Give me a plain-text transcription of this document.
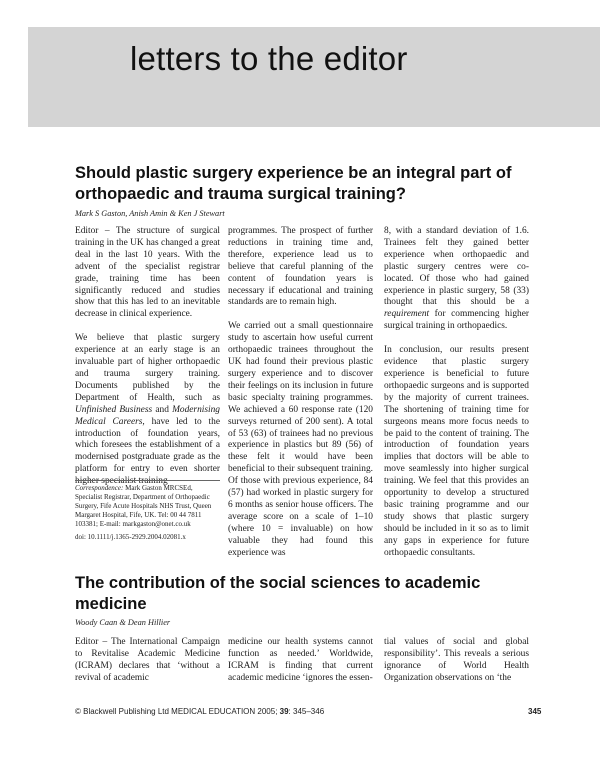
letters to the editor
Should plastic surgery experience be an integral part of
orthopaedic and trauma surgical training?
Mark S Gaston, Anish Amin & Ken J Stewart
Editor – The structure of surgical training in the UK has changed a great deal in the last 10 years. With the advent of the specialist registrar grade, training time has been significantly reduced and studies show that this has led to an inevitable decrease in clinical experience.
We believe that plastic surgery experience at an early stage is an invaluable part of higher orthopaedic and trauma surgery training. Documents published by the Department of Health, such as Unfinished Business and Modernising Medical Careers, have led to the introduction of foundation years, which foresees the establishment of a modernised postgraduate grade as the platform for entry to even shorter higher specialist training
Correspondence: Mark Gaston MRCSEd, Specialist Registrar, Department of Orthopaedic Surgery, Fife Acute Hospitals NHS Trust, Queen Margaret Hospital, Fife, UK. Tel: 00 44 7811 103381; E-mail: markgaston@onet.co.uk
doi: 10.1111/j.1365-2929.2004.02081.x
programmes. The prospect of further reductions in training time and, therefore, experience lead us to believe that careful planning of the content of foundation years is necessary if educational and training standards are to remain high.
We carried out a small questionnaire study to ascertain how useful current orthopaedic trainees throughout the UK had found their previous plastic surgery experience and to discover their feelings on its inclusion in future basic specialty training programmes. We achieved a 60 response rate (120 surveys returned of 200 sent). A total of 53 (63) of trainees had no previous experience in plastics but 89 (56) of these felt it would have been beneficial to their subsequent training. Of those with previous experience, 84 (57) had worked in plastic surgery for 6 months as senior house officers. The average score on a scale of 1–10 (where 10 = invaluable) on how valuable they had found this experience was
8, with a standard deviation of 1.6. Trainees felt they gained better experience when orthopaedic and plastic surgery centres were co-located. Of those who had gained experience in plastic surgery, 58 (33) thought that this should be a requirement for commencing higher surgical training in orthopaedics.
In conclusion, our results present evidence that plastic surgery experience is beneficial to future orthopaedic surgeons and is supported by the majority of current trainees. The shortening of training time for surgeons means more focus needs to be paid to the content of training. The introduction of foundation years implies that doctors will be able to move seamlessly into higher surgical training. We feel that this provides an opportunity to develop a structured basic training programme and our study shows that plastic surgery should be included in it so as to limit any gaps in experience for future orthopaedic consultants.
The contribution of the social sciences to academic
medicine
Woody Caan & Dean Hillier
Editor – The International Campaign to Revitalise Academic Medicine (ICRAM) declares that ‘without a revival of academic
medicine our health systems cannot function as needed.’ Worldwide, ICRAM is finding that current academic medicine ‘ignores the essen-
tial values of social and global responsibility’. This reveals a serious ignorance of World Health Organization observations on ‘the
© Blackwell Publishing Ltd MEDICAL EDUCATION 2005; 39: 345–346	345
